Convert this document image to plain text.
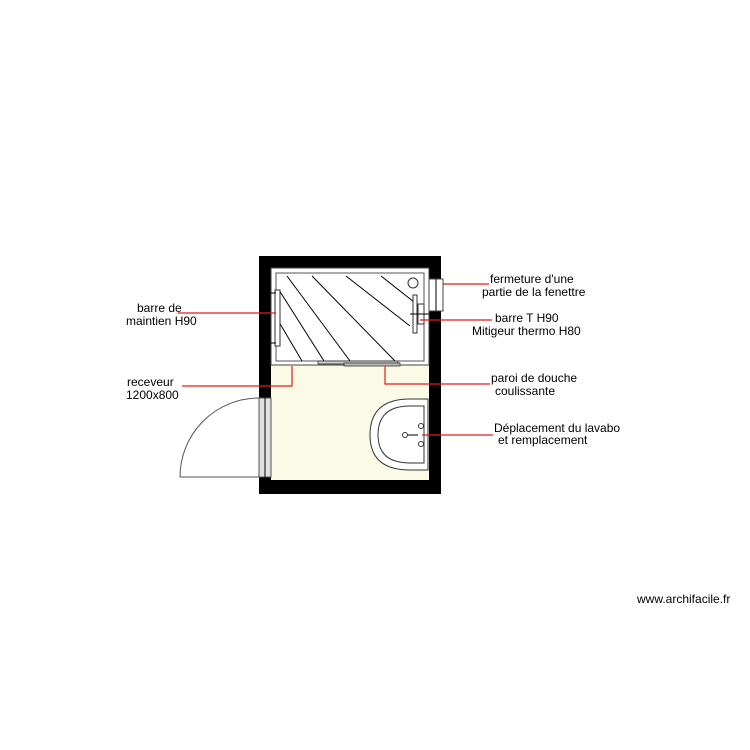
barre de
maintien H90
receveur
1200x800
fermeture d'une
partie de la fenettre
barre T H90
Mitigeur thermo H80
paroi de douche
coulissante
Déplacement du lavabo
et remplacement
www.archifacile.fr
